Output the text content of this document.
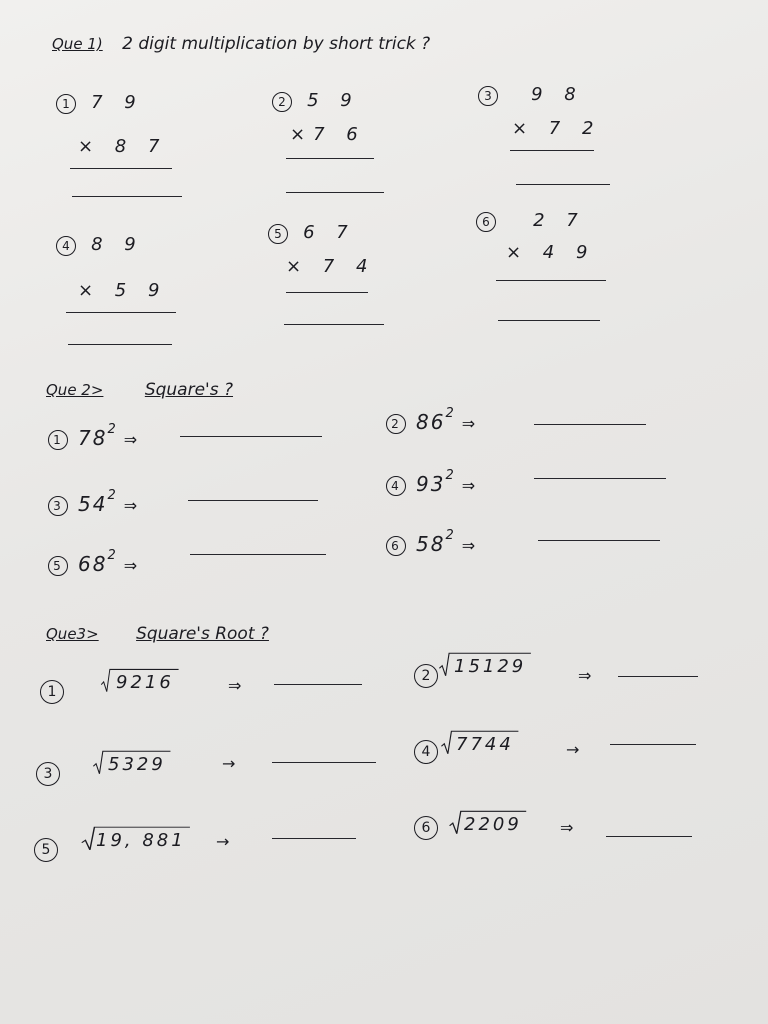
Que 1) 2 digit multiplication by short trick ?
1 7 9
× 8 7
2 5 9
×7 6
3 9 8
× 7 2
4 8 9
× 5 9
5 6 7
× 7 4
6 2 7
× 4 9
Que 2> Square's ?
1 $78^2\Rightarrow$
2 $86^2\Rightarrow$
3 $54^2\Rightarrow$
4 $93^2\Rightarrow$
5 $68^2\Rightarrow$
6 $58^2\Rightarrow$
Que3> Square's Root ?
1	9216	⇒	2	15129	⇒
3	5329	→
4	7744	→
5	19, 881	→
6	2209	⇒
